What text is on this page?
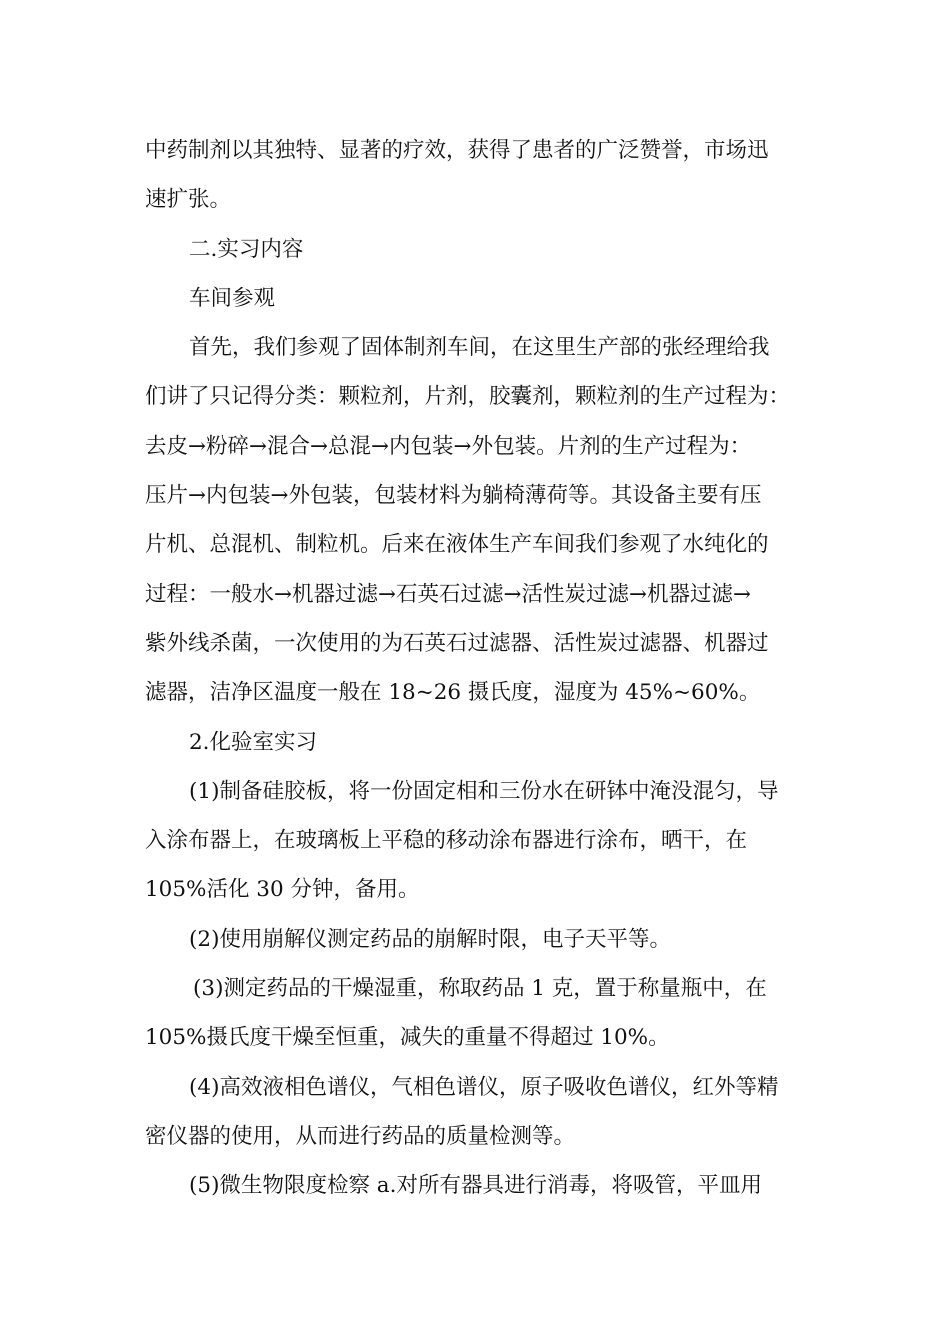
中药制剂以其独特、显著的疗效，获得了患者的广泛赞誉，市场迅

速扩张。

二.实习内容

车间参观

首先，我们参观了固体制剂车间，在这里生产部的张经理给我

们讲了只记得分类：颗粒剂，片剂，胶囊剂，颗粒剂的生产过程为：

去皮→粉碎→混合→总混→内包装→外包装。片剂的生产过程为：

压片→内包装→外包装，包装材料为躺椅薄荷等。其设备主要有压

片机、总混机、制粒机。后来在液体生产车间我们参观了水纯化的

过程：一般水→机器过滤→石英石过滤→活性炭过滤→机器过滤→

紫外线杀菌，一次使用的为石英石过滤器、活性炭过滤器、机器过

滤器，洁净区温度一般在 18~26 摄氏度，湿度为 45%~60%。

2.化验室实习

(1)制备硅胶板，将一份固定相和三份水在研钵中淹没混匀，导

入涂布器上，在玻璃板上平稳的移动涂布器进行涂布，晒干，在

105%活化 30 分钟，备用。

(2)使用崩解仪测定药品的崩解时限，电子天平等。

(3)测定药品的干燥湿重，称取药品 1 克，置于称量瓶中，在

105%摄氏度干燥至恒重，减失的重量不得超过 10%。

(4)高效液相色谱仪，气相色谱仪，原子吸收色谱仪，红外等精

密仪器的使用，从而进行药品的质量检测等。

(5)微生物限度检察 a.对所有器具进行消毒，将吸管，平皿用
